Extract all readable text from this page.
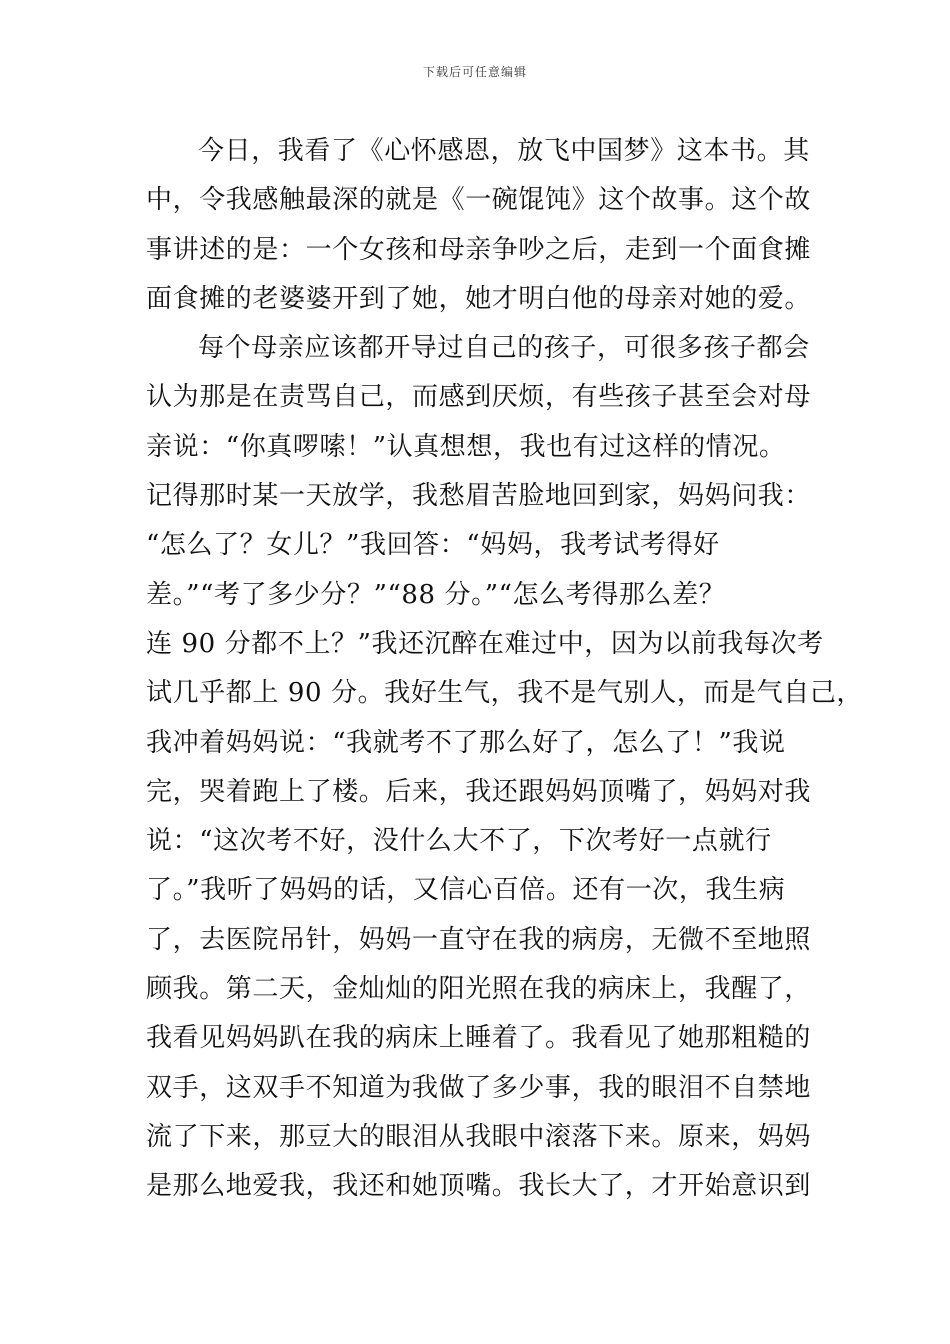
下载后可任意编辑
今日，我看了《心怀感恩，放飞中国梦》这本书。其
中，令我感触最深的就是《一碗馄饨》这个故事。这个故
事讲述的是：一个女孩和母亲争吵之后，走到一个面食摊
面食摊的老婆婆开到了她，她才明白他的母亲对她的爱。
每个母亲应该都开导过自己的孩子，可很多孩子都会
认为那是在责骂自己，而感到厌烦，有些孩子甚至会对母
亲说：“你真啰嗦！”认真想想，我也有过这样的情况。
记得那时某一天放学，我愁眉苦脸地回到家，妈妈问我：
“怎么了？女儿？”我回答：“妈妈，我考试考得好
差。”“考了多少分？”“88 分。”“怎么考得那么差？
连 90 分都不上？”我还沉醉在难过中，因为以前我每次考
试几乎都上 90 分。我好生气，我不是气别人，而是气自己，
我冲着妈妈说：“我就考不了那么好了，怎么了！”我说
完，哭着跑上了楼。后来，我还跟妈妈顶嘴了，妈妈对我
说：“这次考不好，没什么大不了，下次考好一点就行
了。”我听了妈妈的话，又信心百倍。还有一次，我生病
了，去医院吊针，妈妈一直守在我的病房，无微不至地照
顾我。第二天，金灿灿的阳光照在我的病床上，我醒了，
我看见妈妈趴在我的病床上睡着了。我看见了她那粗糙的
双手，这双手不知道为我做了多少事，我的眼泪不自禁地
流了下来，那豆大的眼泪从我眼中滚落下来。原来，妈妈
是那么地爱我，我还和她顶嘴。我长大了，才开始意识到
